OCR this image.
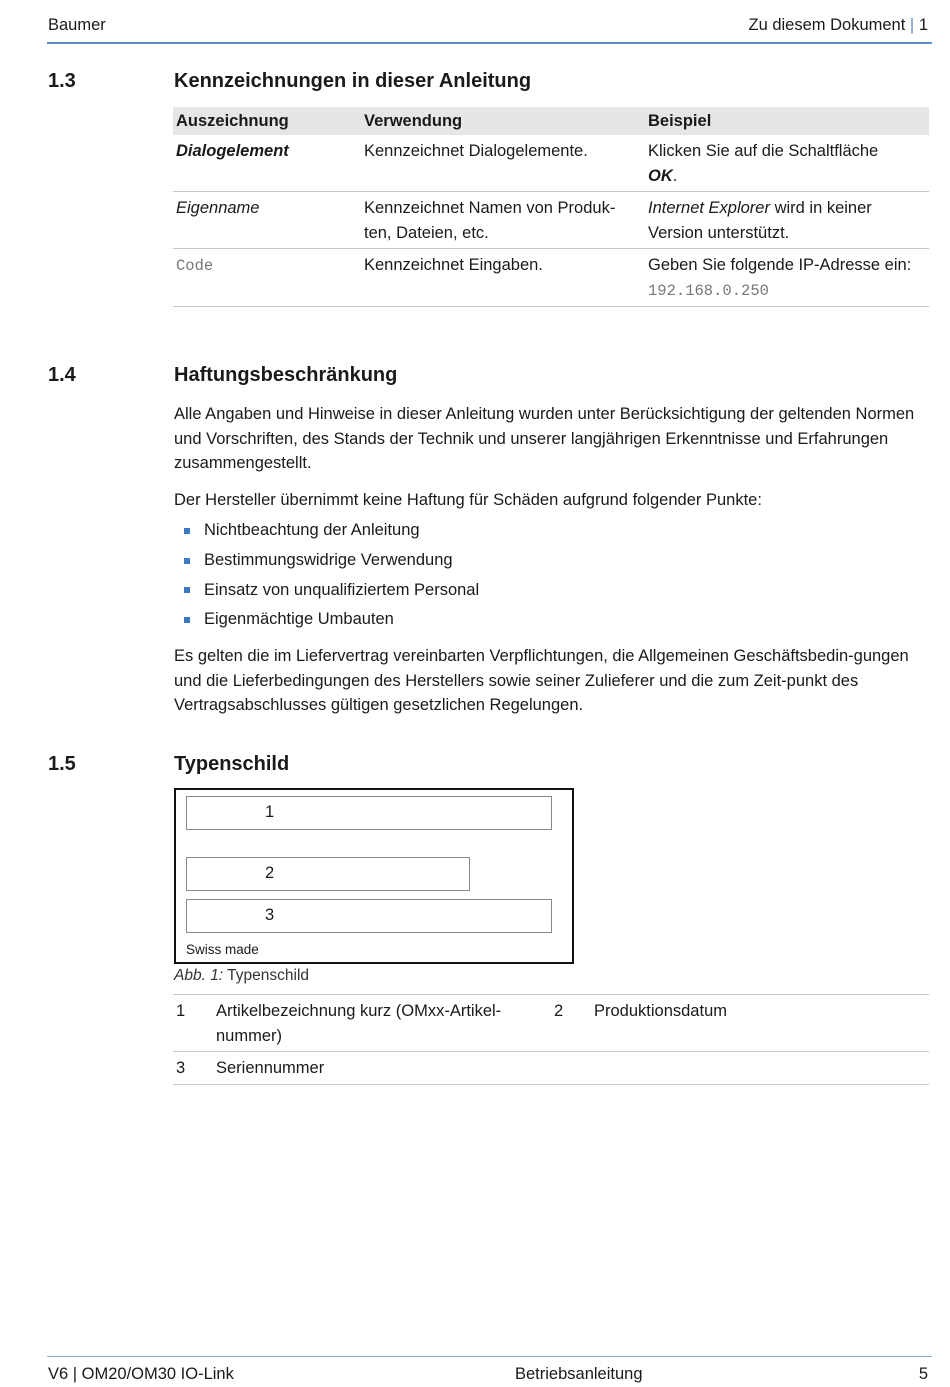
Baumer	Zu diesem Dokument | 1
1.3	Kennzeichnungen in dieser Anleitung
Auszeichnung	Verwendung	Beispiel
Dialogelement	Kennzeichnet Dialogelemente.	Klicken Sie auf die Schaltfläche
OK.
Eigenname	Kennzeichnet Namen von Produk-ten, Dateien, etc.	Internet Explorer wird in keiner Version unterstützt.
Code	Kennzeichnet Eingaben.	Geben Sie folgende IP-Adresse ein:
192.168.0.250
1.4	Haftungsbeschränkung
Alle Angaben und Hinweise in dieser Anleitung wurden unter Berücksichtigung der geltenden Normen und Vorschriften, des Stands der Technik und unserer langjährigen Erkenntnisse und Erfahrungen zusammengestellt.
Der Hersteller übernimmt keine Haftung für Schäden aufgrund folgender Punkte:
Nichtbeachtung der Anleitung
Bestimmungswidrige Verwendung
Einsatz von unqualifiziertem Personal
Eigenmächtige Umbauten
Es gelten die im Liefervertrag vereinbarten Verpflichtungen, die Allgemeinen Geschäftsbedin-gungen und die Lieferbedingungen des Herstellers sowie seiner Zulieferer und die zum Zeit-punkt des Vertragsabschlusses gültigen gesetzlichen Regelungen.
1.5	Typenschild
1
2
3
Swiss made
Abb. 1: Typenschild
1	Artikelbezeichnung kurz (OMxx-Artikel-nummer)	2	Produktionsdatum
3	Seriennummer		
V6 | OM20/OM30 IO-Link	Betriebsanleitung	5
